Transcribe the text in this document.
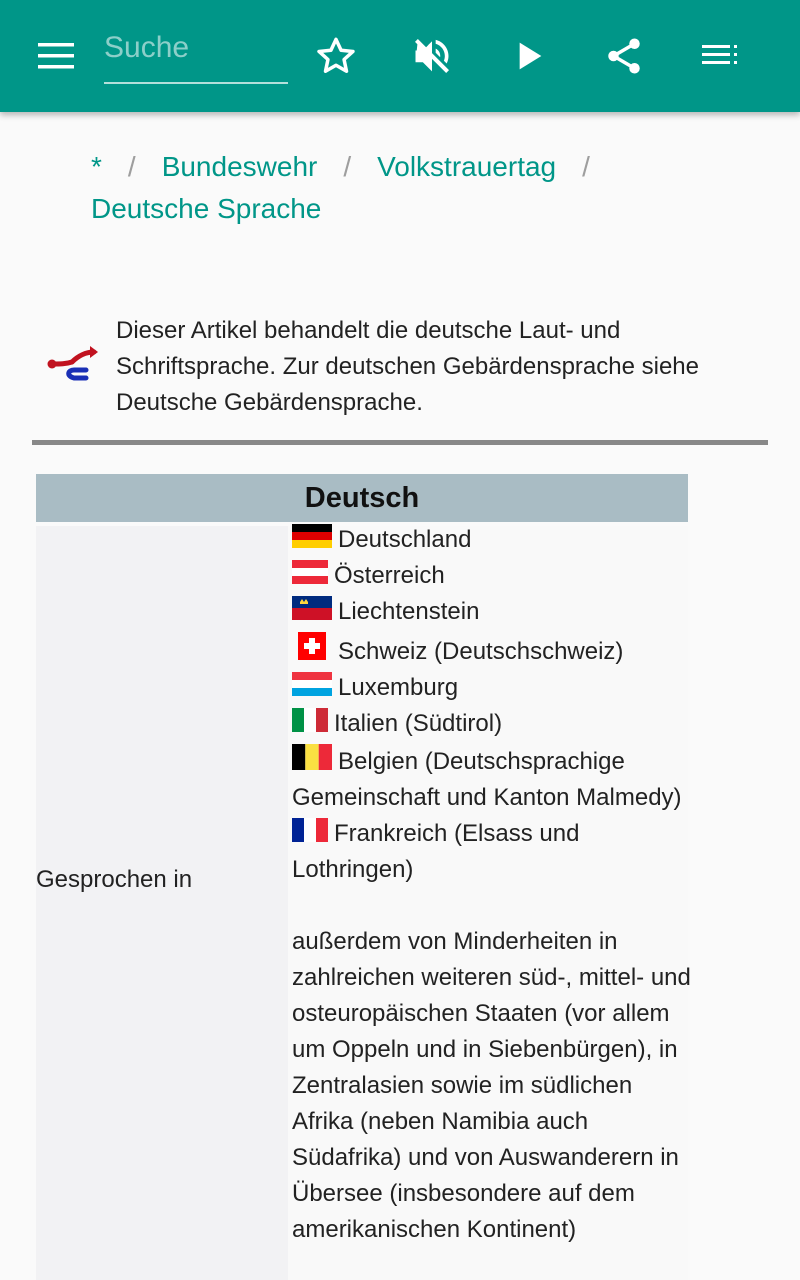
Suche
* / Bundeswehr / Volkstrauertag /
Deutsche Sprache
Dieser Artikel behandelt die deutsche Laut- und Schriftsprache. Zur deutschen Gebärdensprache siehe Deutsche Gebärdensprache.
Deutsch
Gesprochen in
Deutschland
Österreich
Liechtenstein
Schweiz (Deutschschweiz)
Luxemburg
Italien (Südtirol)
Belgien (Deutschsprachige Gemeinschaft und Kanton Malmedy)
Frankreich (Elsass und Lothringen)
außerdem von Minderheiten in zahlreichen weiteren süd-, mittel- und osteuropäischen Staaten (vor allem um Oppeln und in Siebenbürgen), in Zentralasien sowie im südlichen Afrika (neben Namibia auch Südafrika) und von Auswanderern in Übersee (insbesondere auf dem amerikanischen Kontinent)
